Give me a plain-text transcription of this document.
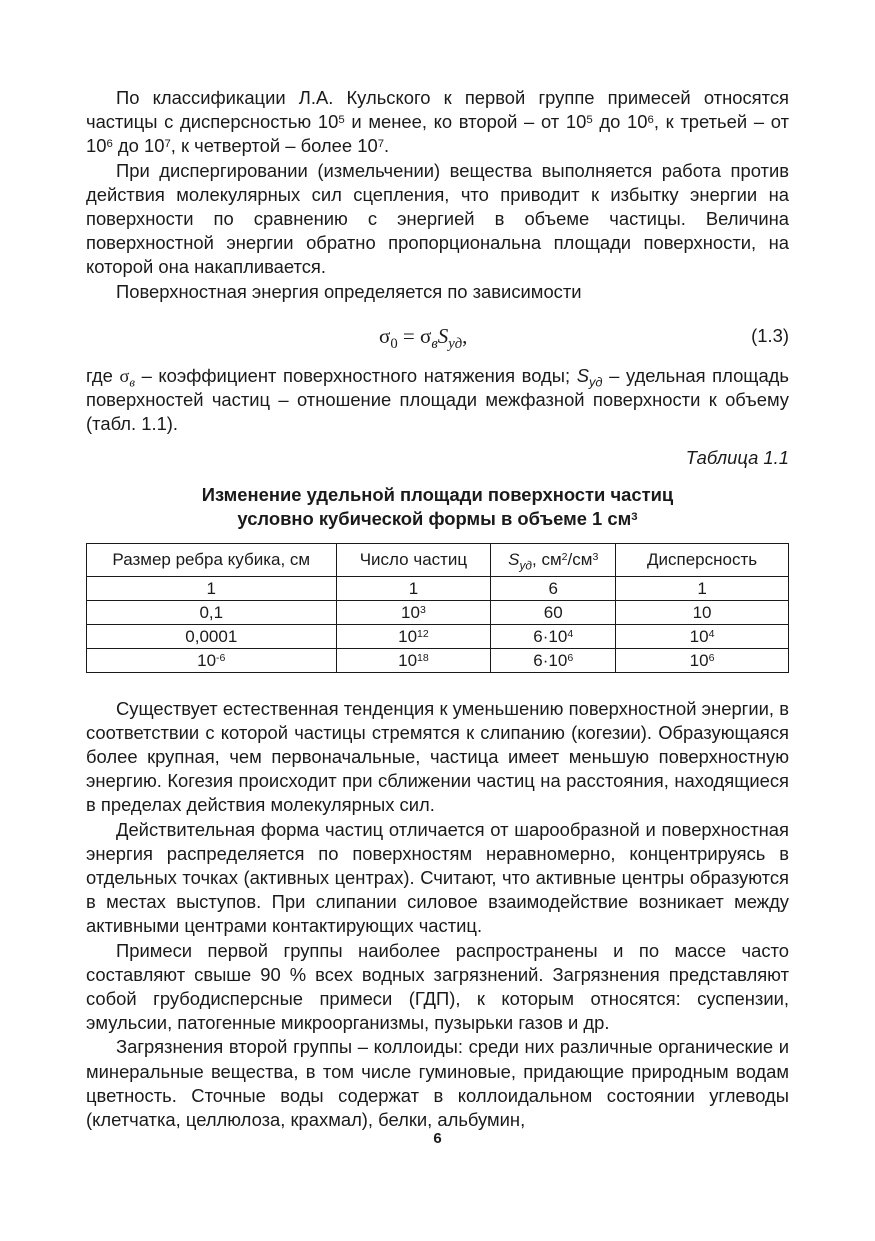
По классификации Л.А. Кульского к первой группе примесей относятся частицы с дисперсностью $10^5$ и менее, ко второй – от $10^5$ до $10^6$, к третьей – от $10^6$ до $10^7$, к четвертой – более $10^7$.

При диспергировании (измельчении) вещества выполняется работа против действия молекулярных сил сцепления, что приводит к избытку энергии на поверхности по сравнению с энергией в объеме частицы. Величина поверхностной энергии обратно пропорциональна площади поверхности, на которой она накапливается.

Поверхностная энергия определяется по зависимости

$\sigma_0 = \sigma_вS_{уд}$,	(1.3)

где $\sigma_в$ – коэффициент поверхностного натяжения воды; $S_{уд}$ – удельная площадь поверхностей частиц – отношение площади межфазной поверхности к объему (табл. 1.1).

Таблица 1.1
Изменение удельной площади поверхности частиц
условно кубической формы в объеме 1 $см^3$
Размер ребра кубика, см	Число частиц	$S_{уд}$, $см^2/см^3$	Дисперсность
1	1	6	1
0,1	$10^3$	60	10
0,0001	$10^{12}$	$6\cdot 10^4$	$10^4$
$10^{-6}$	$10^{18}$	$6\cdot 10^6$	$10^6$

Существует естественная тенденция к уменьшению поверхностной энергии, в соответствии с которой частицы стремятся к слипанию (когезии). Образующаяся более крупная, чем первоначальные, частица имеет меньшую поверхностную энергию. Когезия происходит при сближении частиц на расстояния, находящиеся в пределах действия молекулярных сил.

Действительная форма частиц отличается от шарообразной и поверхностная энергия распределяется по поверхностям неравномерно, концентрируясь в отдельных точках (активных центрах). Считают, что активные центры образуются в местах выступов. При слипании силовое взаимодействие возникает между активными центрами контактирующих частиц.

Примеси первой группы наиболее распространены и по массе часто составляют свыше 90 % всех водных загрязнений. Загрязнения представляют собой грубодисперсные примеси (ГДП), к которым относятся: суспензии, эмульсии, патогенные микроорганизмы, пузырьки газов и др.

Загрязнения второй группы – коллоиды: среди них различные органические и минеральные вещества, в том числе гуминовые, придающие природным водам цветность. Сточные воды содержат в коллоидальном состоянии углеводы (клетчатка, целлюлоза, крахмал), белки, альбумин,

6
